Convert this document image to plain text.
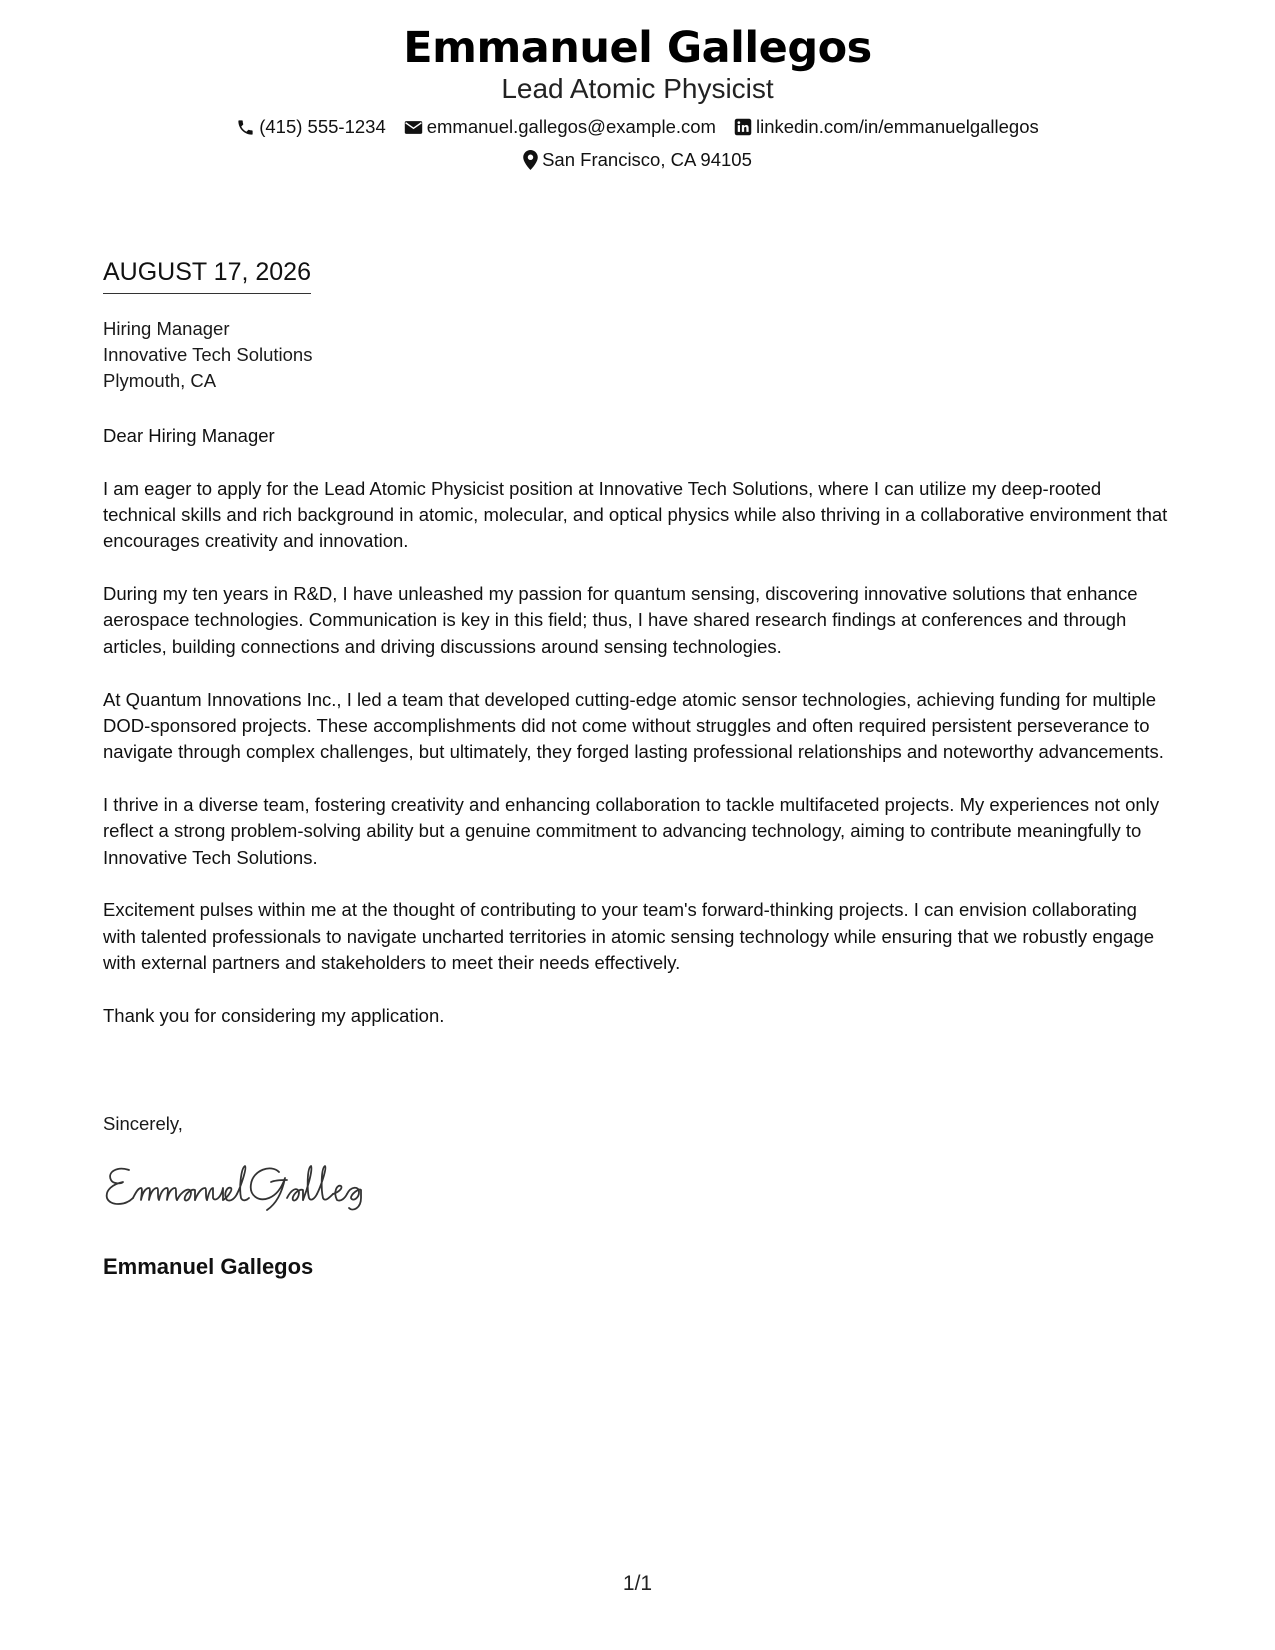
Emmanuel Gallegos
Lead Atomic Physicist
(415) 555-1234 emmanuel.gallegos@example.com linkedin.com/in/emmanuelgallegos
San Francisco, CA 94105
AUGUST 17, 2026
Hiring Manager
Innovative Tech Solutions
Plymouth, CA

Dear Hiring Manager

I am eager to apply for the Lead Atomic Physicist position at Innovative Tech Solutions, where I can utilize my deep-rooted technical skills and rich background in atomic, molecular, and optical physics while also thriving in a collaborative environment that encourages creativity and innovation.

During my ten years in R&D, I have unleashed my passion for quantum sensing, discovering innovative solutions that enhance aerospace technologies. Communication is key in this field; thus, I have shared research findings at conferences and through articles, building connections and driving discussions around sensing technologies.

At Quantum Innovations Inc., I led a team that developed cutting-edge atomic sensor technologies, achieving funding for multiple DOD-sponsored projects. These accomplishments did not come without struggles and often required persistent perseverance to navigate through complex challenges, but ultimately, they forged lasting professional relationships and noteworthy advancements.

I thrive in a diverse team, fostering creativity and enhancing collaboration to tackle multifaceted projects. My experiences not only reflect a strong problem-solving ability but a genuine commitment to advancing technology, aiming to contribute meaningfully to Innovative Tech Solutions.

Excitement pulses within me at the thought of contributing to your team's forward-thinking projects. I can envision collaborating with talented professionals to navigate uncharted territories in atomic sensing technology while ensuring that we robustly engage with external partners and stakeholders to meet their needs effectively.

Thank you for considering my application.

Sincerely,
Emmanuel Gallegos
1/1
